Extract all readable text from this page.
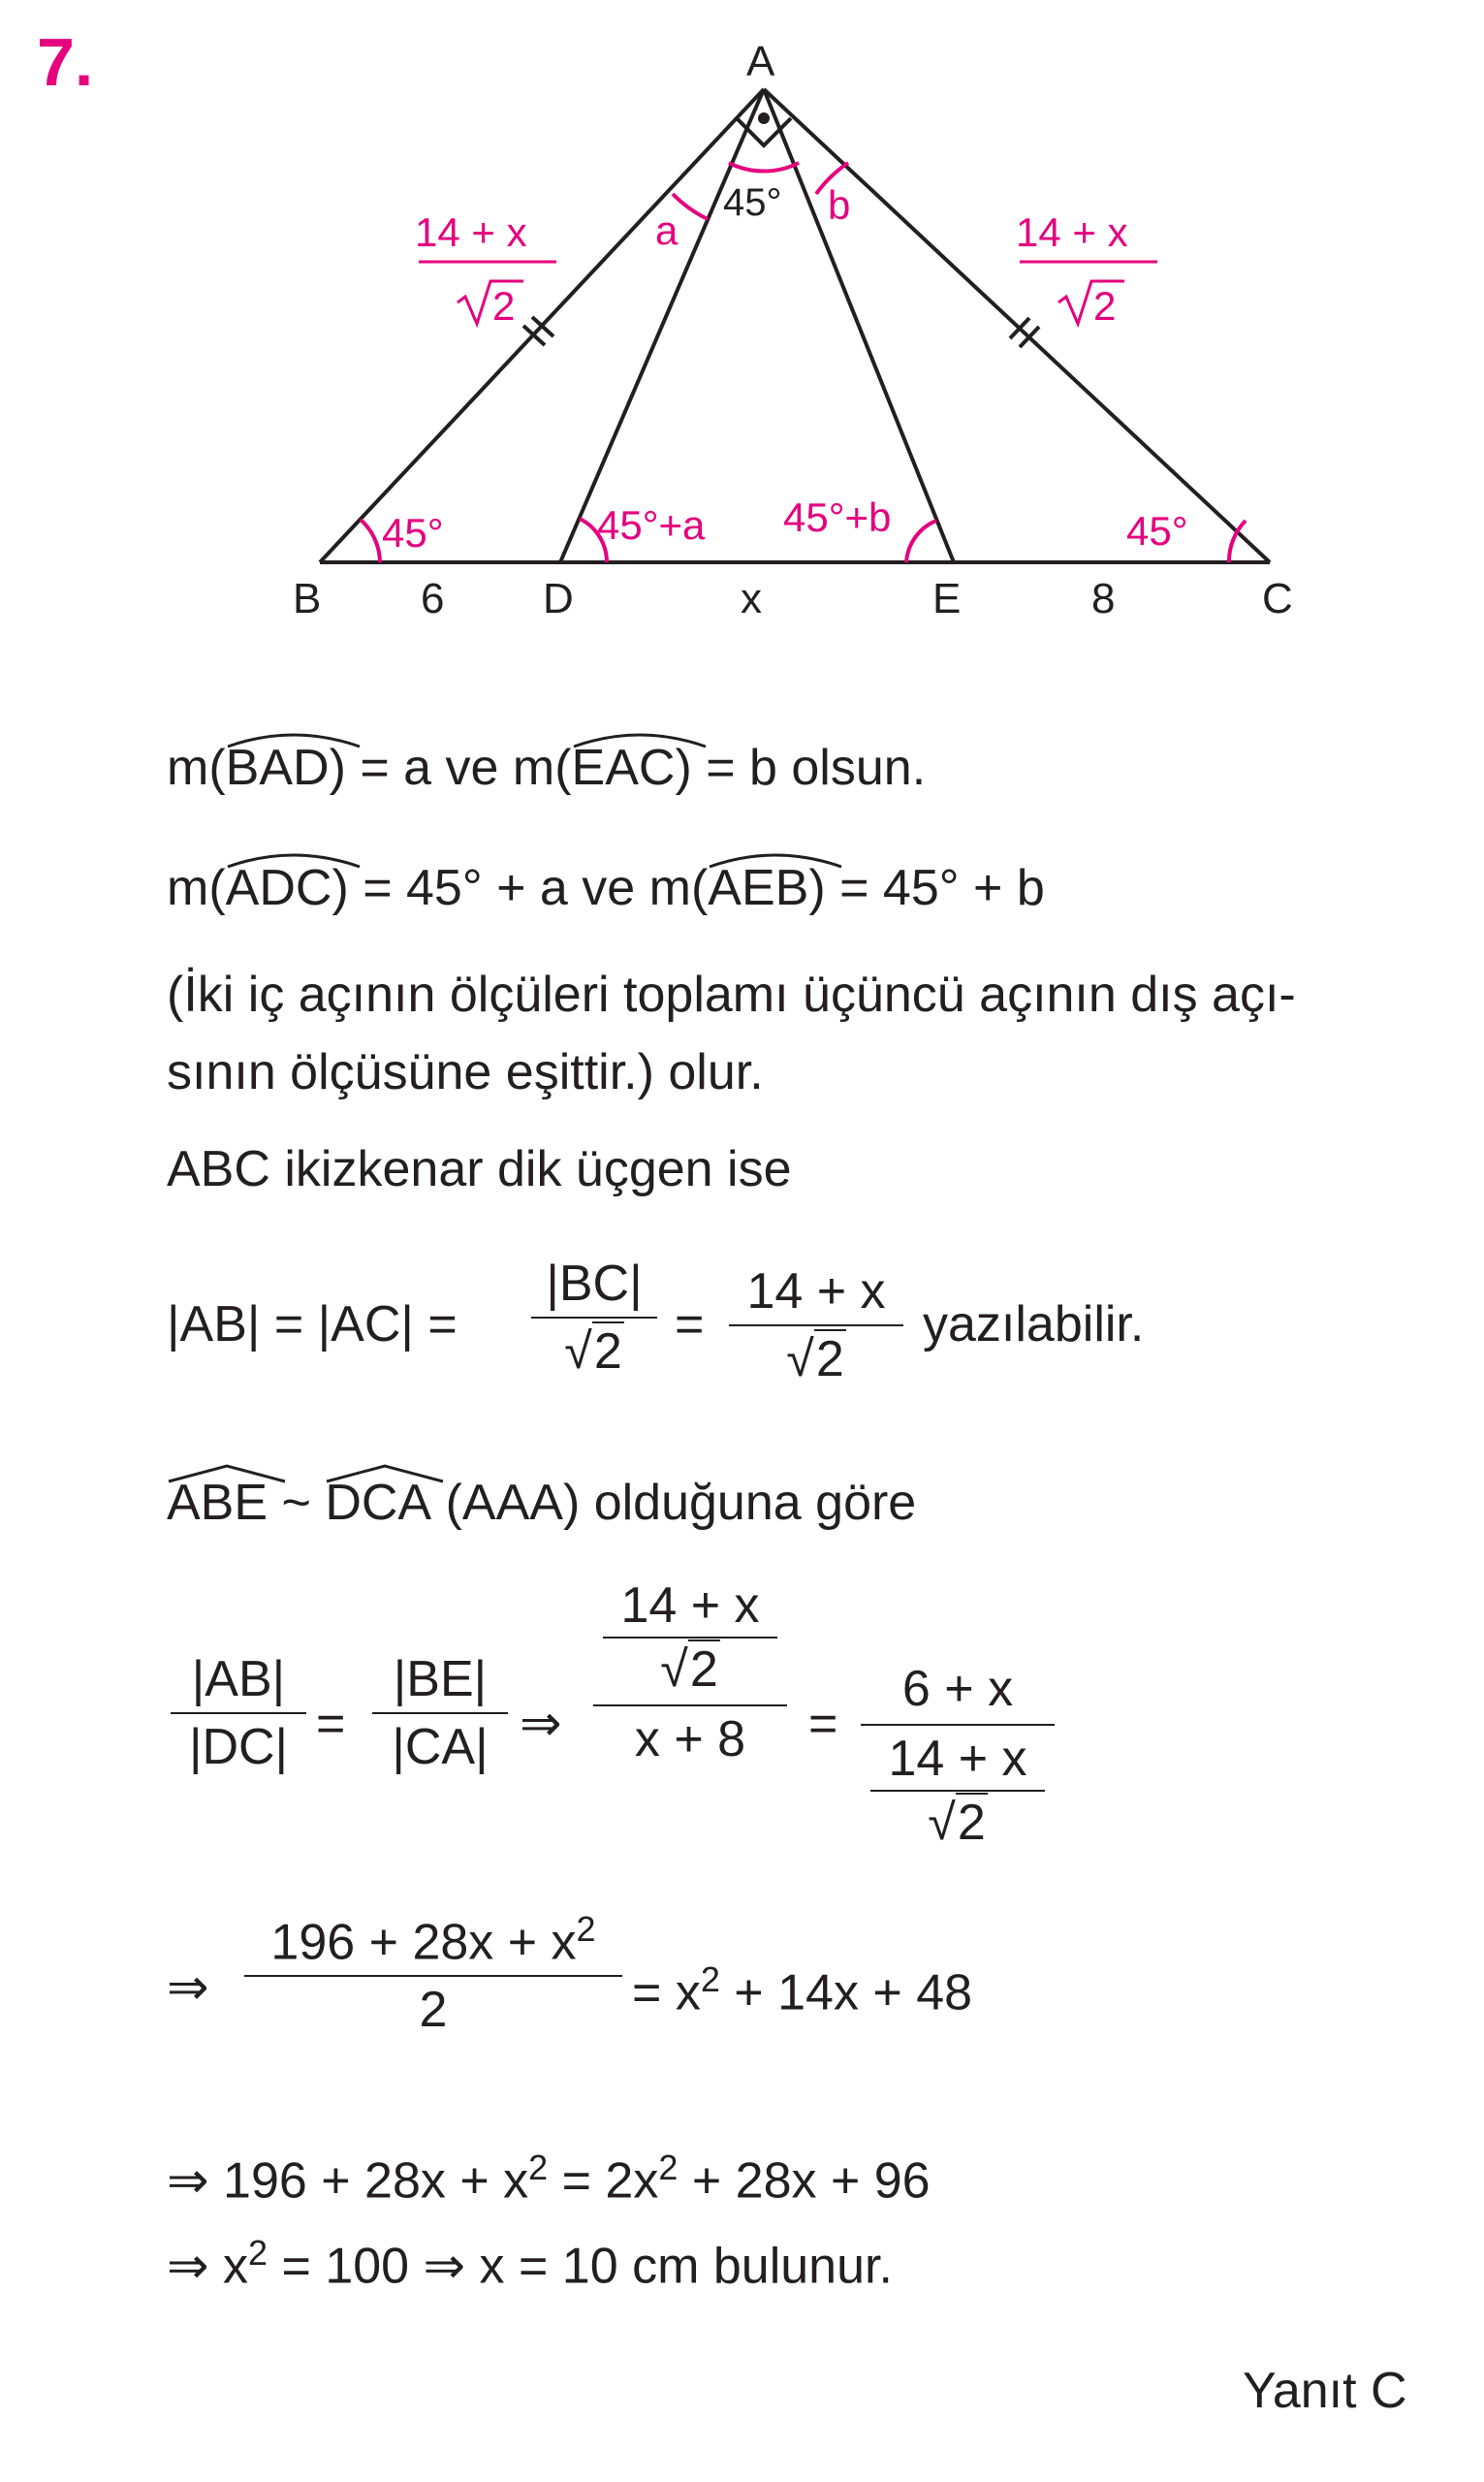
7.	A
B	C
D	E
6	x	8
45°	45°
45°+a 45°+b
45°
a
b
14 + x
2
14 + x
2
m(
BAD) = a ve m(
EAC) = b olsun.
m(
ADC) = 45° + a ve m(
AEB) = 45° + b
(İki iç açının ölçüleri toplamı üçüncü açının dış açı-
sının ölçüsüne eşittir.) olur.
ABC ikizkenar dik üçgen ise
|AB| = |AC| =
|BC|
√2	=
14 + x
√2
yazılabilir.
ABE ~
DCA (AAA) olduğuna göre
|AB|
|DC| =
|BE|
|CA| ⇒
14 + x
√2
x + 8	=
6 + x
14 + x
√2
⇒
$196 + 28x + x^2$
2	= $x^2 + 14x + 48$
⇒ $196 + 28x + x^2 = 2x^2 + 28x + 96$
⇒ $x^2 = 100$ ⇒ x = 10 cm bulunur.
Yanıt C
